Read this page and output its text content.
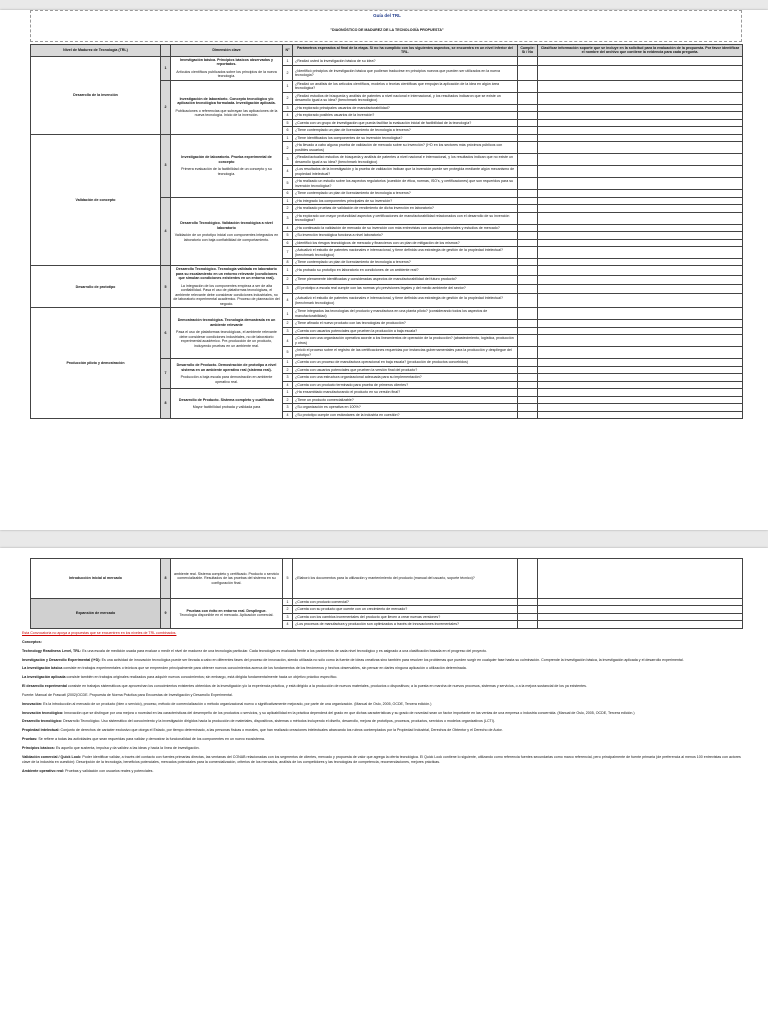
Guía del TRL
"DIAGNÓSTICO DE MADUREZ DE LA TECNOLOGÍA PROPUESTA"
Nivel de Madurez de Tecnología (TRL)		Dimensión clave	N°	Parámetros esperados al final de la etapa. Si no ha cumplido con los siguientes aspectos, se encuentra en un nivel inferior del TRL.	Cumple: Sí / No	Clasificar información soporte que se incluye en la solicitud para la evaluación de la propuesta. Por favor identificar el nombre del archivo que contiene la evidencia para cada pregunta.
Desarrollo de la invención	1	Investigación básica. Principios básicos observados y reportados.
Artículos científicos publicados sobre los principios de la nueva tecnología.	1	¿Realizó usted la investigación básica de su idea?		
			2	¿Identificó principios de investigación básica que pudieran traducirse en principios nuevos que pueden ser utilizados en la nueva tecnología?		
	2	Investigación de laboratorio. Concepto tecnológico y/o aplicación tecnológica formulada. Investigación aplicada.
Publicaciones o referencias que subrayan las aplicaciones de la nueva tecnología. Inicio de la invención.	1	¿Realizó un análisis de los artículos científicos, modelos o teorías científicas que empujan la aplicación de la idea en algún área tecnológica?		
			2	¿Realizó estudios de búsqueda y análisis de patentes a nivel nacional e internacional, y los resultados indicaron que se existe un desarrollo igual a su idea? (benchmark tecnológico)		
			3	¿Ha explorado principales usuarios de manufacturabilidad?		
			4	¿Ha explorado posibles usuarios de la invención?		
			5	¿Cuenta con un grupo de investigación que pueda facilitar la evaluación inicial de factibilidad de la tecnología?		
			6	¿Tiene contemplado un plan de licenciamiento de tecnología a terceros?		
Validación de concepto	3	Investigación de laboratorio. Prueba experimental de concepto
Primera evaluación de la factibilidad de un concepto y su tecnología.	1	¿Tiene identificados los componentes de su invención tecnológica?		
			2	¿Ha llevado a cabo alguna prueba de validación de mercado sobre su invención? (I+D en los sectores más próximos públicos con posibles usuarios)		
			3	¿Realizó/actualizó estudios de búsqueda y análisis de patentes a nivel nacional e internacional, y los resultados indican que no existe un desarrollo igual a su idea? (benchmark tecnológico)		
			4	¿Los resultados de la investigación y la prueba de validación indican que la invención puede ser protegida mediante algún mecanismo de propiedad intelectual?		
			5	¿Ha realizado un estudio sobre los aspectos regulatorios (cuestión de ética, normas, ISO's, y certificaciones) que son requeridos para su invención tecnológica?		
			6	¿Tiene contemplado un plan de licenciamiento de tecnología a terceros?		
	4	Desarrollo Tecnológico. Validación tecnológica a nivel laboratorio
Validación de un prototipo inicial con componentes integrados en laboratorio con baja confiabilidad de comportamiento.	1	¿Ha integrado los componentes principales de su invención?		
			2	¿Ha realizado pruebas de validación de rendimiento de dicha invención en laboratorio?		
			3	¿Ha explorado con mayor profundidad aspectos y certificaciones de manufacturabilidad relacionados con el desarrollo de su invención tecnológica?		
			4	¿Ha continuado la validación de mercado de su invención con más entrevistas con usuarios potenciales y estudios de mercado?		
			5	¿Su invención tecnológica funciona a nivel laboratorio?		
			6	¿Identificó los riesgos tecnológicos de mercado y financieros con un plan de mitigación de los mismos?		
			7	¿Actualizó el estudio de patentes nacionales e internacional, y tiene definida una estrategia de gestión de la propiedad intelectual? (benchmark tecnológico)		
			8	¿Tiene contemplado un plan de licenciamiento de tecnología a terceros?		
Desarrollo de prototipo	5	Desarrollo Tecnológico. Tecnología validada en laboratorio para su escalamiento en un entorno relevante (condiciones que simulan condiciones existentes en un entorno real).
La integración de los componentes empieza a ser de alta confiabilidad. Pasa el uso de plataformas tecnológicas, el ambiente relevante debe considerar condiciones industriales, no de laboratorio experimental académico. Proceso de planeación del negocio.	1	¿Ha probado su prototipo en laboratorio en condiciones de un ambiente real?		
			2	¿Tiene plenamente identificadas y consideradas aspectos de manufacturabilidad del futuro producto?		
			3	¿El prototipo a escala real cumple con las normas y/o previsiones legales y del medio ambiente del sector?		
			4	¿Actualizó el estudio de patentes nacionales e internacional, y tiene definida una estrategia de gestión de la propiedad intelectual? (benchmark tecnológico)		
Producción piloto y demostración	6	Demostración tecnológica. Tecnología demostrada en un ambiente relevante
Pasa el uso de plataformas tecnológicas, el ambiente relevante debe considerar condiciones industriales, no de laboratorio experimental académico. Pre-producción de un producto, incluyendo pruebas en un ambiente real.	1	¿Tiene integrados las tecnologías del producto y manufactura en una planta piloto? (considerando todos los aspectos de manufacturabilidad)		
			2	¿Tiene afinado el nuevo producto con las tecnologías de producción?		
			3	¿Cuenta con usuarios potenciales que prueben la producción a baja escala?		
			4	¿Cuenta con una organización operativa acorde a los lineamientos de operación de la producción? (abastecimiento, logística, producción y otros)		
			5	¿Inició el proceso sobre el registro de las certificaciones requeridas por instancias gubernamentales para la producción y despliegue del prototipo?		
	7	Desarrollo de Producto. Demostración de prototipo a nivel sistema en un ambiente operativo real (sistema real).
Producción a baja escala para demostración en ambiente operativo real.	1	¿Cuenta con un proceso de manufactura operacional en baja escala? (producción de productos concebidos)		
			2	¿Cuenta con usuarios potenciales que prueben la versión final del producto?		
			3	¿Cuenta con una estructura organizacional adecuada para su implementación?		
			4	¿Cuenta con un producto terminado para prueba de primeros clientes?		
	8	Desarrollo de Producto. Sistema completo y cualificado
Mayor factibilidad probada y validada para	1	¿Ha ensamblado manufacturando el producto en su versión final?		
			2	¿Tiene un producto comercializable?		
			3	¿Su organización es operativa en 100%?		
			4	¿Su prototipo cumple con estándares de la industria en cuestión?		
Introducción inicial al mercado	8	ambiente real. Sistema completo y certificado. Producto o servicio comercializable. Resultados de las pruebas del sistema en su configuración final.	5	¿Elaboró los documentos para la utilización y mantenimiento del producto (manual del usuario, soporte técnico)?		
Expansión de mercado	9	Pruebas con éxito en entorno real. Despliegue.
Tecnología disponible en el mercado. Aplicación comercial.	1	¿Cuenta con producto comercial?		
			2	¿Cuenta con su producto que cuente con un crecimiento de mercado?		
			3	¿Cuenta con los cambios incrementales del producto que lleven a crear nuevas versiones?		
			4	¿Los procesos de manufactura y producción son optimizados a través de innovaciones incrementales?		

Esta Convocatoria no apoya a propuestas que se encuentren en los niveles de TRL combinados.

Conceptos:

Technology Readiness Level, TRL: Es una escala de medición usada para evaluar o medir el nivel de madurez de una tecnología particular. Cada tecnología es evaluada frente a los parámetros de cada nivel tecnológico y es asignado a una clasificación basada en el progreso del proyecto.

Investigación y Desarrollo Experimental (I+D): Es una actividad de innovación tecnológica puede ser llevada a cabo en diferentes fases del proceso de innovación, siendo utilizada no sólo como la fuente de ideas creativas sino también para resolver los problemas que pueden surgir en cualquier fase hasta su culminación. Comprende la investigación básica, la investigación aplicada y el desarrollo experimental.

La investigación básica consiste en trabajos experimentales o teóricos que se emprenden principalmente para obtener nuevos conocimientos acerca de los fundamentos de los fenómenos y hechos observables, sin pensar en darles ninguna aplicación o utilización determinada.

La investigación aplicada consiste también en trabajos originales realizados para adquirir nuevos conocimientos; sin embargo, está dirigida fundamentalmente hacia un objetivo práctico específico.

El desarrollo experimental consiste en trabajos sistemáticos que aprovechan los conocimientos existentes obtenidos de la investigación y/o la experiencia práctica, y está dirigido a la producción de nuevos materiales, productos o dispositivos; a la puesta en marcha de nuevos procesos, sistemas y servicios, o a la mejora sustancial de los ya existentes.

Fuente: Manual de Frascati (2002)OCDE. Propuesta de Norma Práctica para Encuestas de Investigación y Desarrollo Experimental.

Innovación: Es la introducción al mercado de un producto (bien o servicio), proceso, método de comercialización o método organizacional nuevo o significativamente mejorado, por parte de una organización. (Manual de Oslo, 2005, OCDE, Tercera edición.)

Innovación tecnológica: Innovación que se distingue por una mejora o novedad en las características del desempeño de los productos o servicios, y su aplicabilidad en la práctica dependerá del grado en que dichas características y su grado de novedad sean un factor importante en las ventas de una empresa o industria concernida. (Manual de Oslo, 2005, OCDE, Tercera edición.)

Desarrollo tecnológico: Desarrollo Tecnológico. Uso sistemático del conocimiento y la investigación dirigidos hacia la producción de materiales, dispositivos, sistemas o métodos incluyendo el diseño, desarrollo, mejora de prototipos, procesos, productos, servicios o modelos organizativos (LCTI).

Propiedad intelectual: Conjunto de derechos de carácter exclusivo que otorga el Estado, por tiempo determinado, a las personas físicas o morales, que han realizado creaciones intelectuales abarcando los rubros contemplados por la Propiedad Industrial, Derechos de Obtentor y el Derecho de Autor.

Pruebas: Se refiere a todas las actividades que sean requeridas para validar y demostrar la funcionalidad de los componentes en un nuevo ecosistema.

Principios básicos: Es aquello que sustenta, impulsa y da validez a las ideas y hacia la línea de investigación.

Validación comercial / Quick Look: Poder identificar validar, a través del contacto con fuentes primarias directas, las ventanas del CONAB relacionadas con los segmentos de clientes, mercado y propuesta de valor que agrega la oferta tecnológica. El Quick Look contiene lo siguiente, utilizando como referencia fuentes secundarias como marco referencial, pero principalmente de fuente primaria (de preferencia al menos 100 entrevistas con actores clave de la industria en cuestión): Descripción de la tecnología, beneficios potenciales, mercados potenciales para la comercialización, criterios de los mercados, análisis de los competidores y las tecnologías de competencia, recomendaciones, mejores prácticas.

Ambiente operativo real: Pruebas y validación con usuarios reales y potenciales.
